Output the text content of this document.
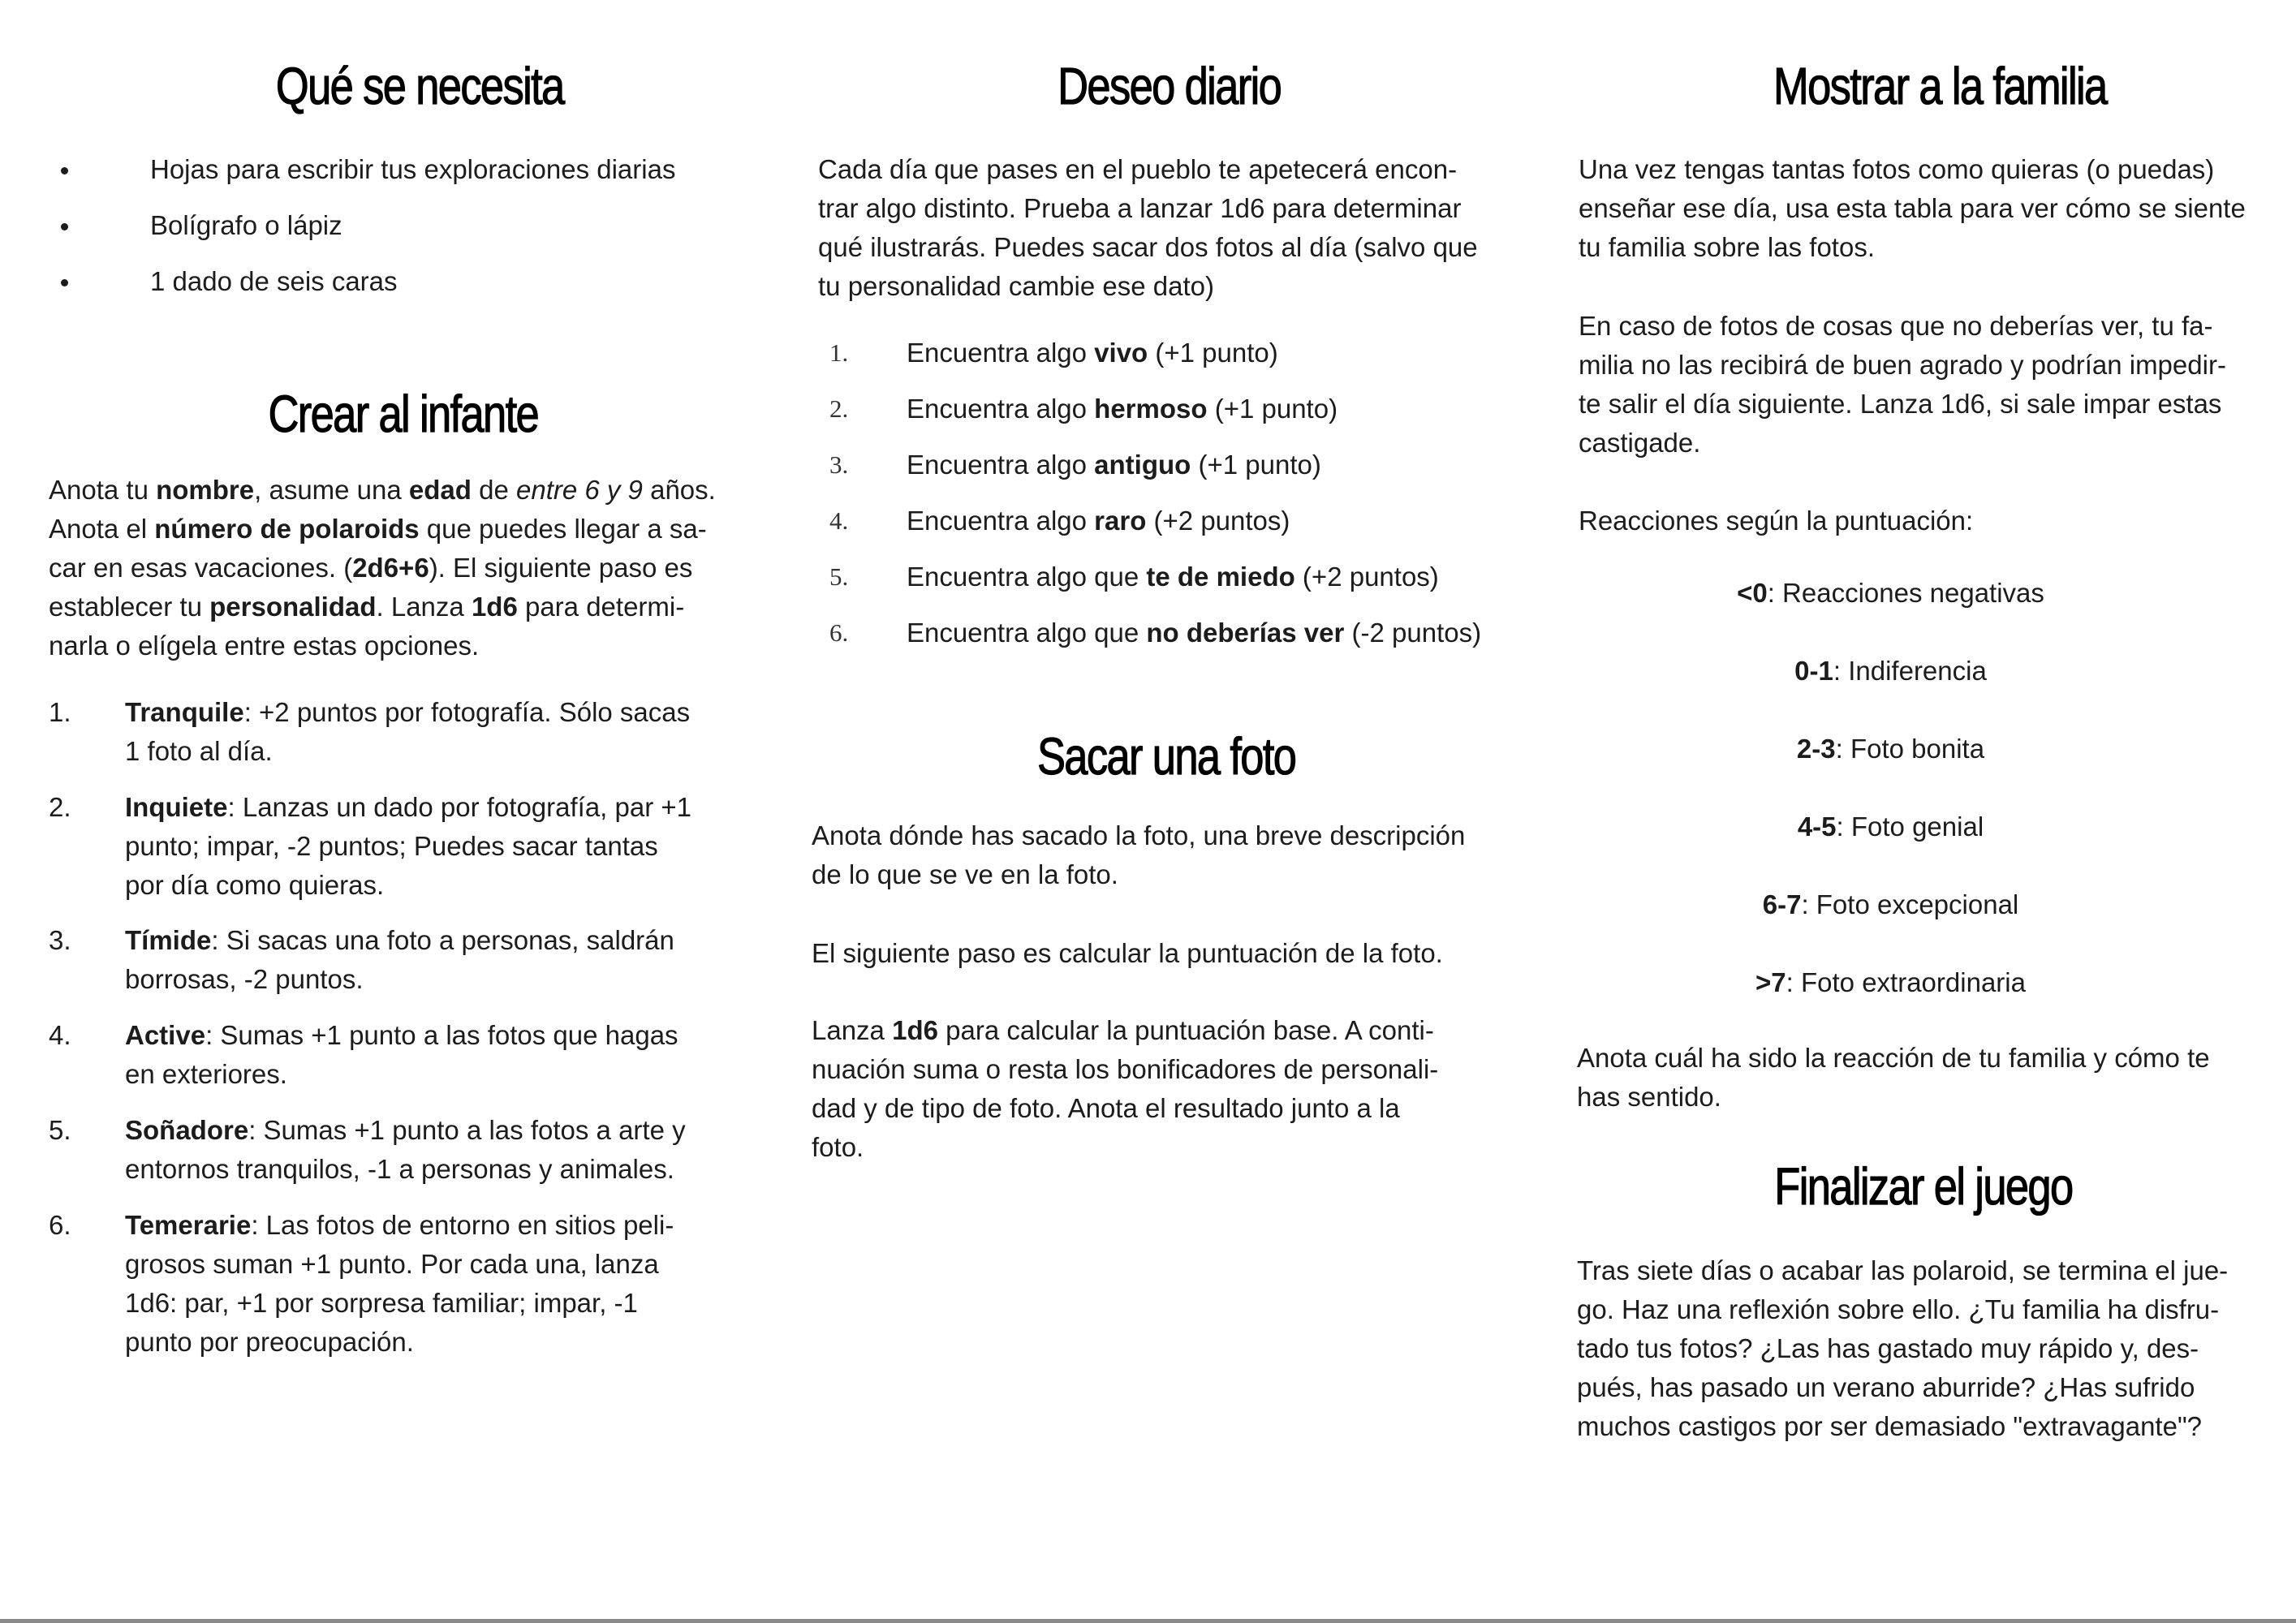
Qué se necesita
Hojas para escribir tus exploraciones diarias
Bolígrafo o lápiz
1 dado de seis caras
Crear al infante
Anota tu nombre, asume una edad de entre 6 y 9 años.
Anota el número de polaroids que puedes llegar a sa-
car en esas vacaciones. (2d6+6). El siguiente paso es
establecer tu personalidad. Lanza 1d6 para determi-
narla o elígela entre estas opciones.
1. Tranquile: +2 puntos por fotografía. Sólo sacas
1 foto al día.
2. Inquiete: Lanzas un dado por fotografía, par +1
punto; impar, -2 puntos; Puedes sacar tantas
por día como quieras.
3. Tímide: Si sacas una foto a personas, saldrán
borrosas, -2 puntos.
4. Active: Sumas +1 punto a las fotos que hagas
en exteriores.
5. Soñadore: Sumas +1 punto a las fotos a arte y
entornos tranquilos, -1 a personas y animales.
6. Temerarie: Las fotos de entorno en sitios peli-
grosos suman +1 punto. Por cada una, lanza
1d6: par, +1 por sorpresa familiar; impar, -1
punto por preocupación.
Deseo diario
Cada día que pases en el pueblo te apetecerá encon-
trar algo distinto. Prueba a lanzar 1d6 para determinar
qué ilustrarás. Puedes sacar dos fotos al día (salvo que
tu personalidad cambie ese dato)
1. Encuentra algo vivo (+1 punto)
2. Encuentra algo hermoso (+1 punto)
3. Encuentra algo antiguo (+1 punto)
4. Encuentra algo raro (+2 puntos)
5. Encuentra algo que te de miedo (+2 puntos)
6. Encuentra algo que no deberías ver (-2 puntos)
Sacar una foto
Anota dónde has sacado la foto, una breve descripción
de lo que se ve en la foto.
El siguiente paso es calcular la puntuación de la foto.
Lanza 1d6 para calcular la puntuación base. A conti-
nuación suma o resta los bonificadores de personali-
dad y de tipo de foto. Anota el resultado junto a la
foto.
Mostrar a la familia
Una vez tengas tantas fotos como quieras (o puedas)
enseñar ese día, usa esta tabla para ver cómo se siente
tu familia sobre las fotos.
En caso de fotos de cosas que no deberías ver, tu fa-
milia no las recibirá de buen agrado y podrían impedir-
te salir el día siguiente. Lanza 1d6, si sale impar estas
castigade.
Reacciones según la puntuación:
<0: Reacciones negativas
0-1: Indiferencia
2-3: Foto bonita
4-5: Foto genial
6-7: Foto excepcional
>7: Foto extraordinaria
Anota cuál ha sido la reacción de tu familia y cómo te
has sentido.
Finalizar el juego
Tras siete días o acabar las polaroid, se termina el jue-
go. Haz una reflexión sobre ello. ¿Tu familia ha disfru-
tado tus fotos? ¿Las has gastado muy rápido y, des-
pués, has pasado un verano aburride? ¿Has sufrido
muchos castigos por ser demasiado "extravagante"?
